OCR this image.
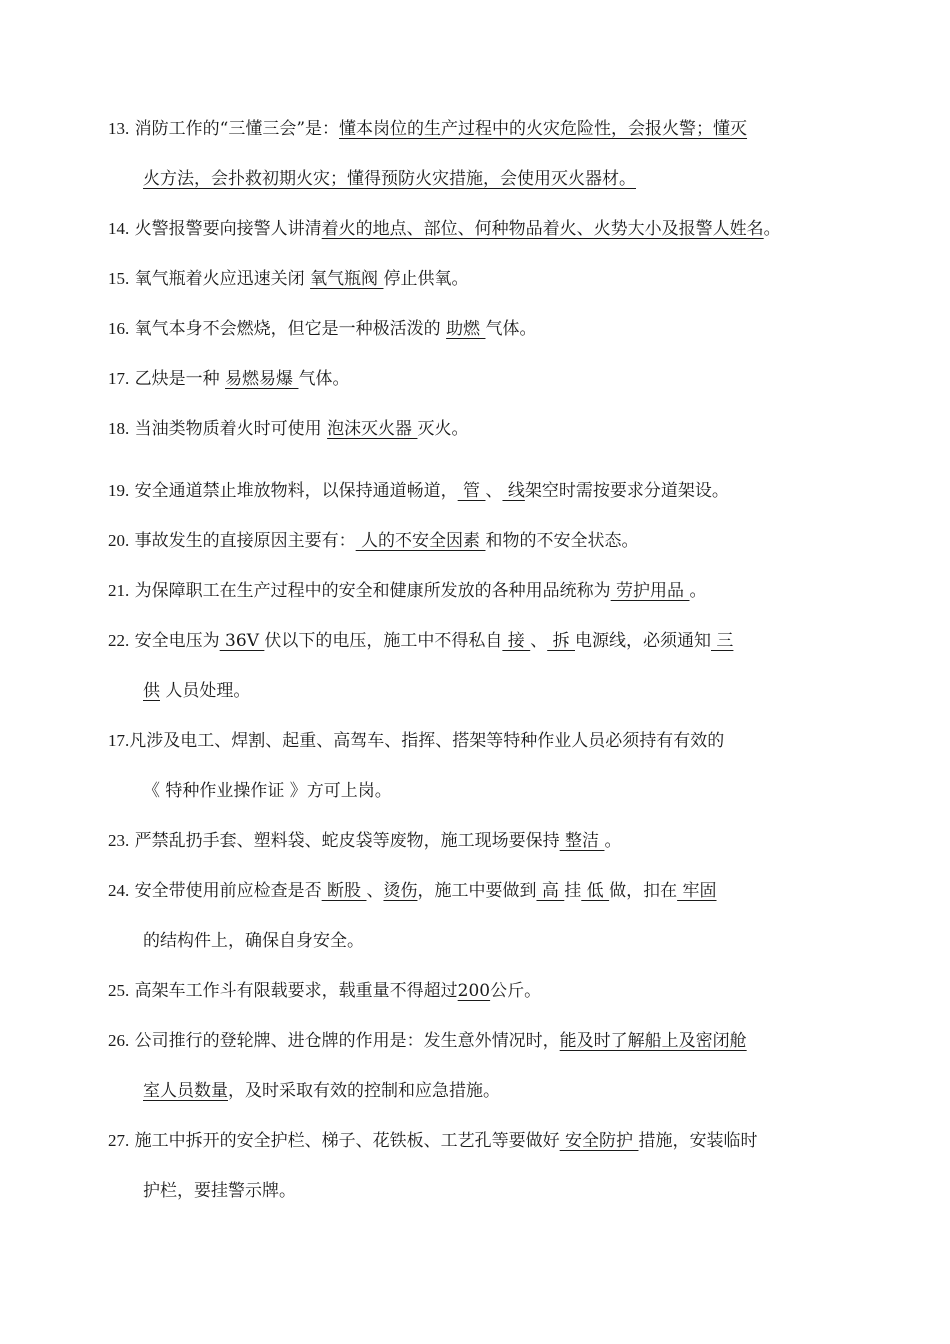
13. 消防工作的“三懂三会”是：懂本岗位的生产过程中的火灾危险性，会报火警；懂灭
火方法，会扑救初期火灾；懂得预防火灾措施，会使用灭火器材。
14. 火警报警要向接警人讲清着火的地点、部位、何种物品着火、火势大小及报警人姓名。
15. 氧气瓶着火应迅速关闭 氧气瓶阀 停止供氧。
16. 氧气本身不会燃烧，但它是一种极活泼的 助燃 气体。
17. 乙炔是一种 易燃易爆 气体。
18. 当油类物质着火时可使用 泡沫灭火器 灭火。
19. 安全通道禁止堆放物料，以保持通道畅道， 管 、 线架空时需按要求分道架设。
20. 事故发生的直接原因主要有： 人的不安全因素 和物的不安全状态。
21. 为保障职工在生产过程中的安全和健康所发放的各种用品统称为 劳护用品 。
22. 安全电压为 36V 伏以下的电压，施工中不得私自 接 、 拆 电源线，必须通知 三
供 人员处理。
17.凡涉及电工、焊割、起重、高驾车、指挥、搭架等特种作业人员必须持有有效的
《 特种作业操作证 》方可上岗。
23. 严禁乱扔手套、塑料袋、蛇皮袋等废物，施工现场要保持 整洁 。
24. 安全带使用前应检查是否 断股 、烫伤，施工中要做到 高 挂 低 做，扣在 牢固
的结构件上，确保自身安全。
25. 高架车工作斗有限载要求，载重量不得超过200公斤。
26. 公司推行的登轮牌、进仓牌的作用是：发生意外情况时，能及时了解船上及密闭舱
室人员数量，及时采取有效的控制和应急措施。
27. 施工中拆开的安全护栏、梯子、花铁板、工艺孔等要做好 安全防护 措施，安装临时
护栏，要挂警示牌。
